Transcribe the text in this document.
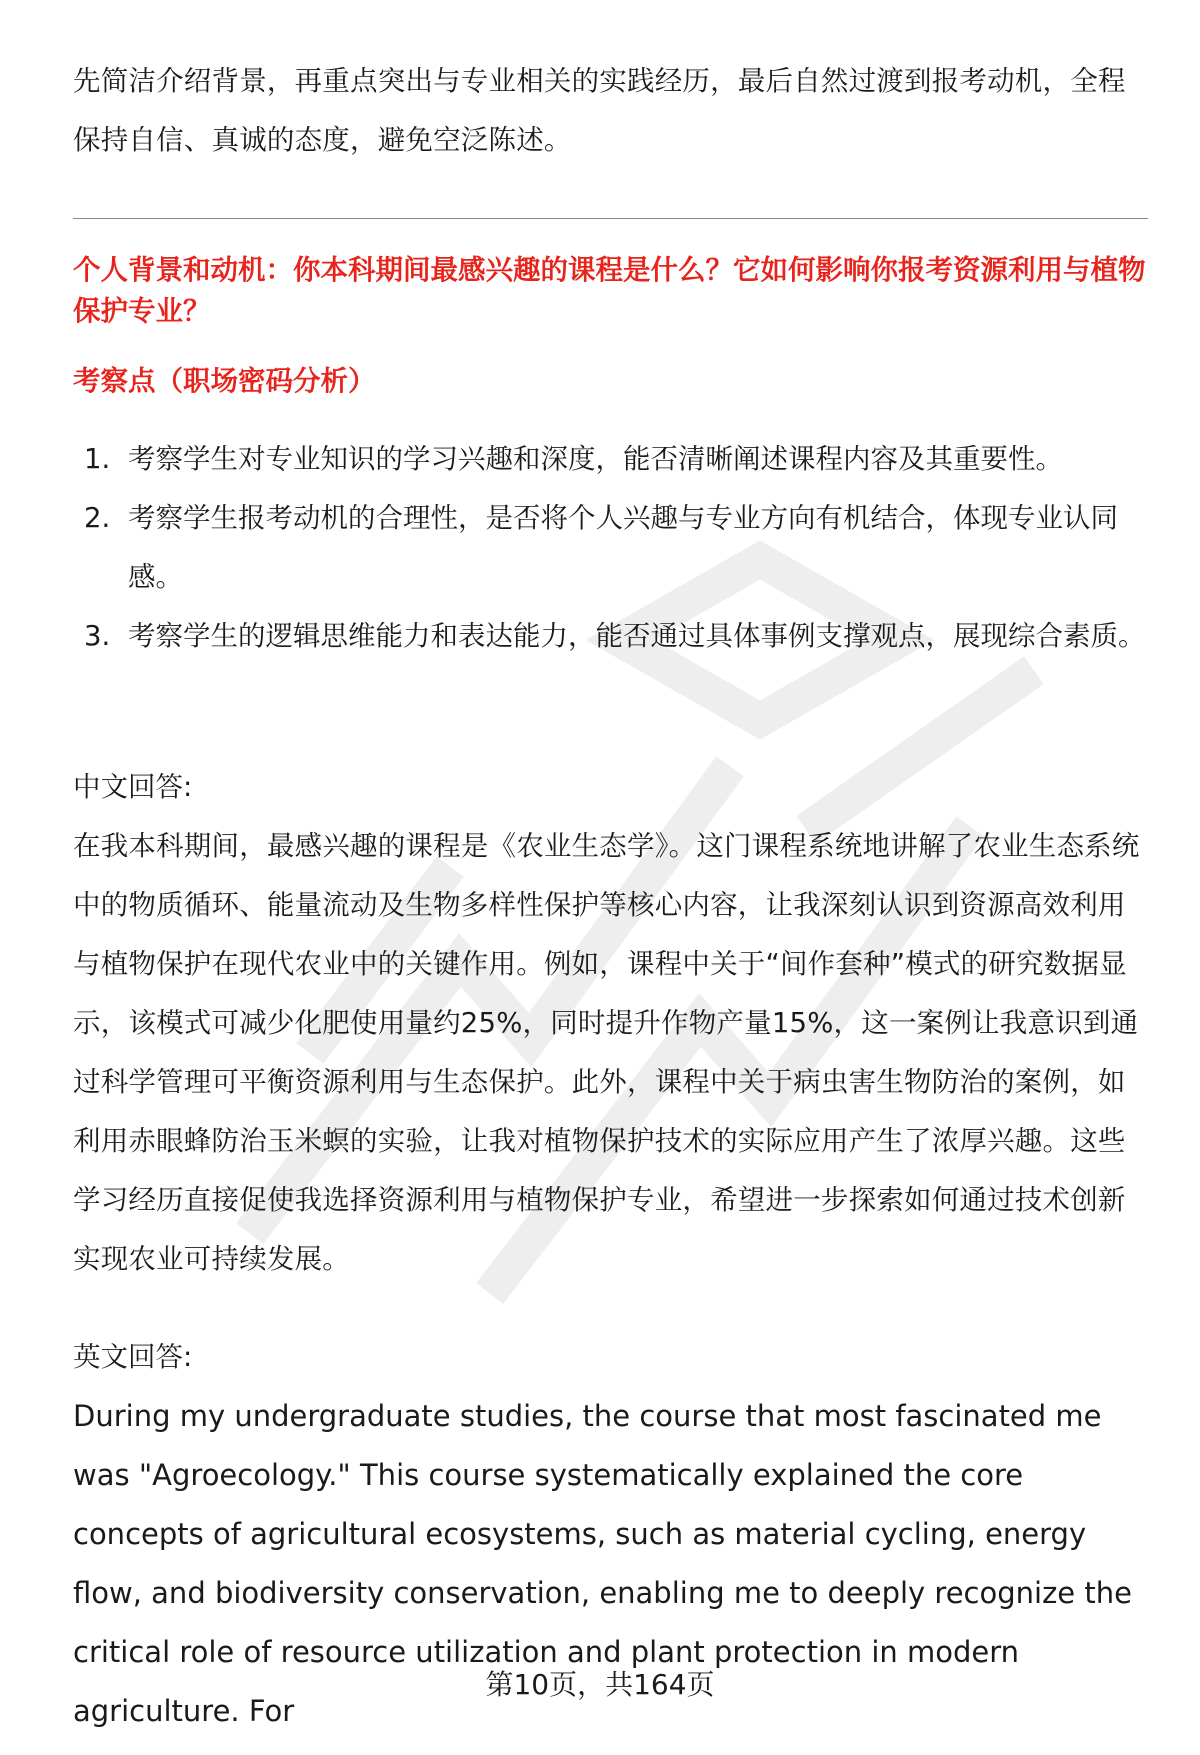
先简洁介绍背景，再重点突出与专业相关的实践经历，最后自然过渡到报考动机，全程保持自信、真诚的态度，避免空泛陈述。

个人背景和动机：你本科期间最感兴趣的课程是什么？它如何影响你报考资源利用与植物保护专业？

考察点（职场密码分析）

1. 考察学生对专业知识的学习兴趣和深度，能否清晰阐述课程内容及其重要性。
2. 考察学生报考动机的合理性，是否将个人兴趣与专业方向有机结合，体现专业认同感。
3. 考察学生的逻辑思维能力和表达能力，能否通过具体事例支撑观点，展现综合素质。

中文回答:

在我本科期间，最感兴趣的课程是《农业生态学》。这门课程系统地讲解了农业生态系统中的物质循环、能量流动及生物多样性保护等核心内容，让我深刻认识到资源高效利用与植物保护在现代农业中的关键作用。例如，课程中关于“间作套种”模式的研究数据显示，该模式可减少化肥使用量约25%，同时提升作物产量15%，这一案例让我意识到通过科学管理可平衡资源利用与生态保护。此外，课程中关于病虫害生物防治的案例，如利用赤眼蜂防治玉米螟的实验，让我对植物保护技术的实际应用产生了浓厚兴趣。这些学习经历直接促使我选择资源利用与植物保护专业，希望进一步探索如何通过技术创新实现农业可持续发展。

英文回答:

During my undergraduate studies, the course that most fascinated me was "Agroecology." This course systematically explained the core concepts of agricultural ecosystems, such as material cycling, energy flow, and biodiversity conservation, enabling me to deeply recognize the critical role of resource utilization and plant protection in modern agriculture. For

第10页，共164页
